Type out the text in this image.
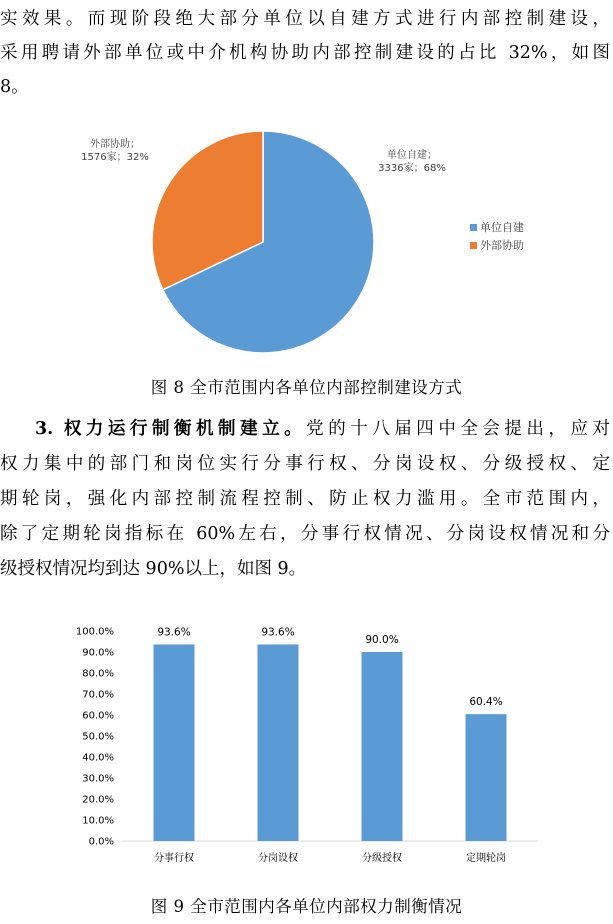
实效果。而现阶段绝大部分单位以自建方式进行内部控制建设，

采用聘请外部单位或中介机构协助内部控制建设的占比 32%，如图

8。

外部协助；
1576家；32%	单位自建；
3336家；68%
单位自建
外部协助
图 8 全市范围内各单位内部控制建设方式

3. 权力运行制衡机制建立。党的十八届四中全会提出，应对

权力集中的部门和岗位实行分事行权、分岗设权、分级授权、定

期轮岗，强化内部控制流程控制、防止权力滥用。全市范围内，

除了定期轮岗指标在 60%左右，分事行权情况、分岗设权情况和分

级授权情况均到达 90%以上，如图 9。

0.0%
10.0%
20.0%
30.0%
40.0%
50.0%
60.0%
70.0%
80.0%
90.0%
100.0%	93.6%
分事行权
93.6%
分岗设权
90.0%
分级授权
60.4%
定期轮岗
图 9 全市范围内各单位内部权力制衡情况
